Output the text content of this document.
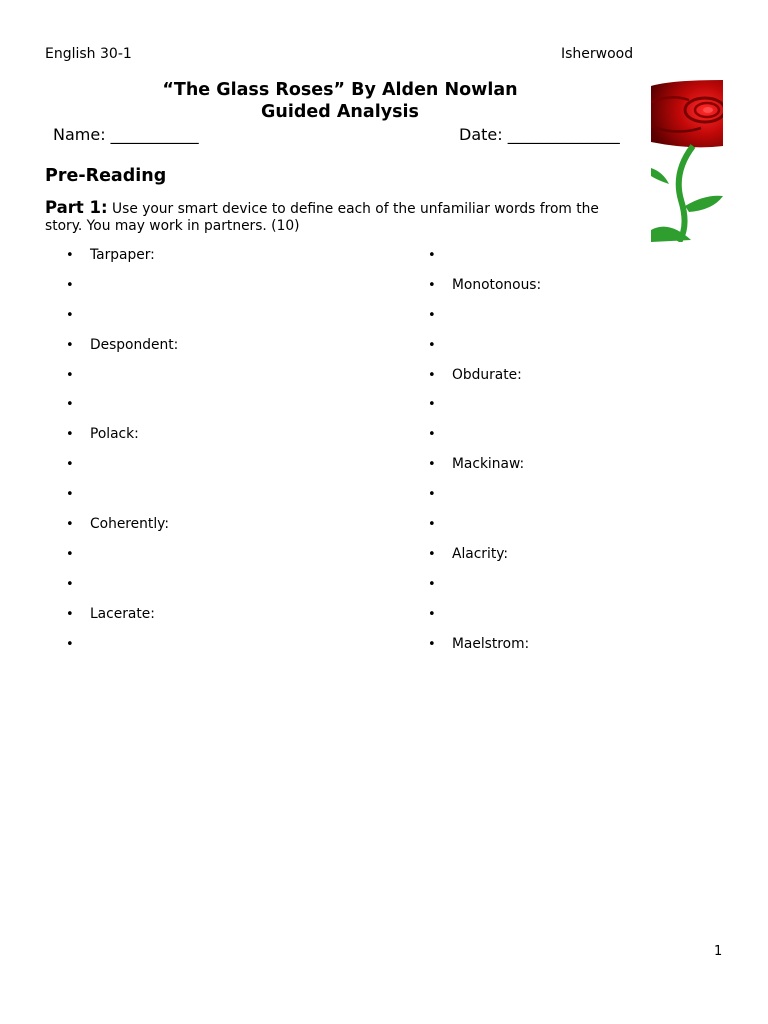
English 30-1	Isherwood
“The Glass Roses” By Alden Nowlan
Guided Analysis
Name: ___________	Date: ______________
Pre-Reading
Part 1: Use your smart device to define each of the unfamiliar words from the story. You may work in partners. (10)
• Tarpaper:
•
•
• Despondent:
•
•
• Polack:
•
•
• Coherently:
•
•
• Lacerate:
•
•
• Monotonous:
•
•
• Obdurate:
•
•
• Mackinaw:
•
•
• Alacrity:
•
•
• Maelstrom:
1
